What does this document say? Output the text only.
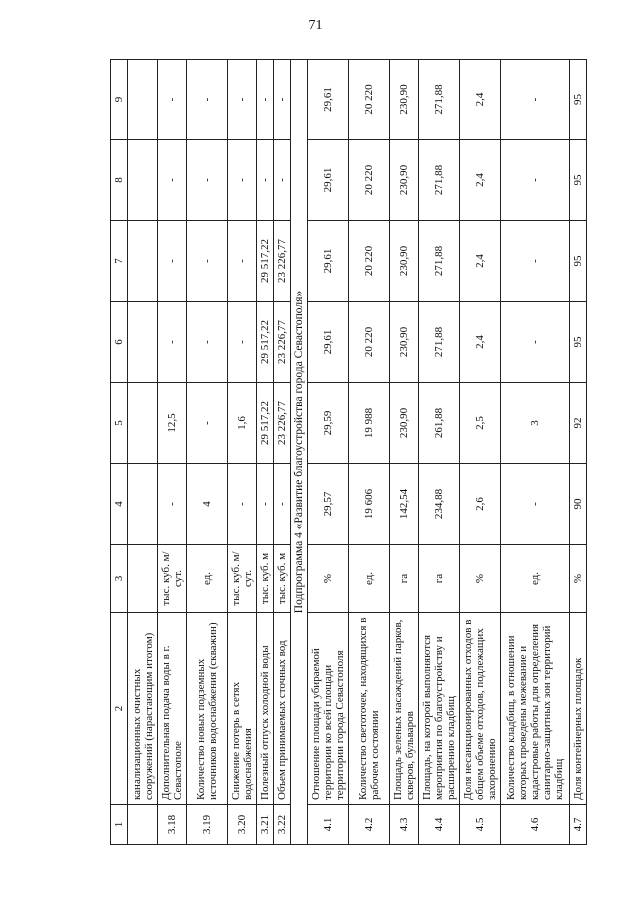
71
1	2	3	4	5	6	7	8	9
	канализационных очистных сооружений (нарастающим итогом)							
3.18	Дополнительная подача воды в г. Севастополе	тыс. куб. м/сут.	-	12,5	-	-	-	-
3.19	Количество новых подземных источников водоснабжения (скважин)	ед.	4	-	-	-	-	-
3.20	Снижение потерь в сетях водоснабжения	тыс. куб. м/сут.	-	1,6	-	-	-	-
3.21	Полезный отпуск холодной воды	тыс. куб. м	-	29 517,22	29 517,22	29 517,22	-	-
3.22	Объем принимаемых сточных вод	тыс. куб. м	-	23 226,77	23 226,77	23 226,77	-	-
Подпрограмма 4 «Развитие благоустройства города Севастополя»								
4.1	Отношение площади убираемой территории ко всей площади территории города Севастополя	%	29,57	29,59	29,61	29,61	29,61	29,61
4.2	Количество светоточек, находящихся в рабочем состоянии	ед.	19 606	19 988	20 220	20 220	20 220	20 220
4.3	Площадь зеленых насаждений парков, скверов, бульваров	га	142,54	230,90	230,90	230,90	230,90	230,90
4.4	Площадь, на которой выполняются мероприятия по благоустройству и расширению кладбищ	га	234,88	261,88	271,88	271,88	271,88	271,88
4.5	Доля несанкционированных отходов в общем объеме отходов, подлежащих захоронению	%	2,6	2,5	2,4	2,4	2,4	2,4
4.6	Количество кладбищ, в отношении которых проведены межевание и кадастровые работы для определения санитарно-защитных зон территорий кладбищ	ед.	-	3	-	-	-	-
4.7	Доля контейнерных площадок	%	90	92	95	95	95	95
